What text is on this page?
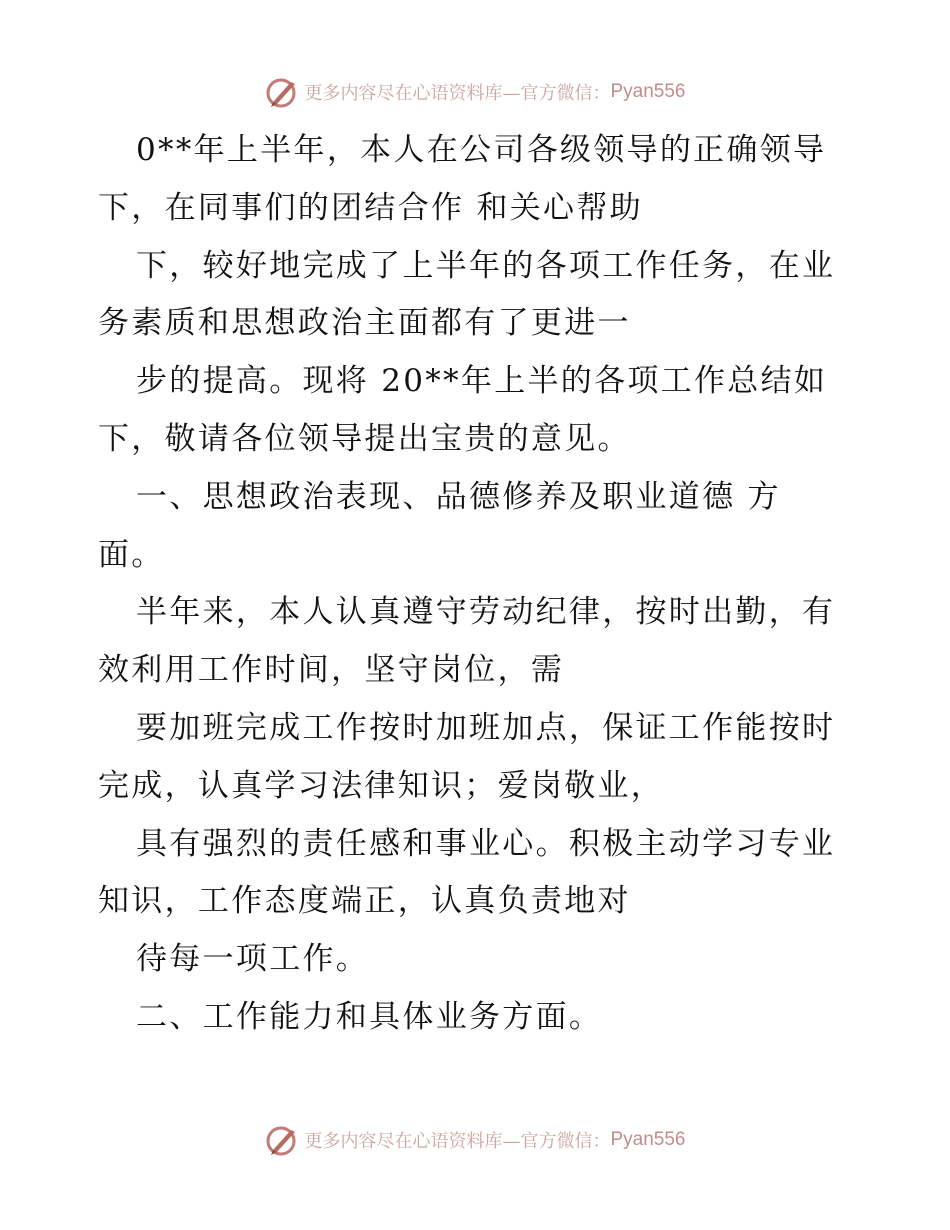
更多内容尽在心语资料库—官方微信： Pyan556
0**年上半年，本人在公司各级领导的正确领导
下，在同事们的团结合作 和关心帮助
下，较好地完成了上半年的各项工作任务，在业
务素质和思想政治主面都有了更进一
步的提高。现将 20**年上半的各项工作总结如
下，敬请各位领导提出宝贵的意见。
一、思想政治表现、品德修养及职业道德 方
面。
半年来，本人认真遵守劳动纪律，按时出勤，有
效利用工作时间，坚守岗位，需
要加班完成工作按时加班加点，保证工作能按时
完成，认真学习法律知识；爱岗敬业，
具有强烈的责任感和事业心。积极主动学习专业
知识，工作态度端正，认真负责地对
待每一项工作。
二、工作能力和具体业务方面。
更多内容尽在心语资料库—官方微信： Pyan556
